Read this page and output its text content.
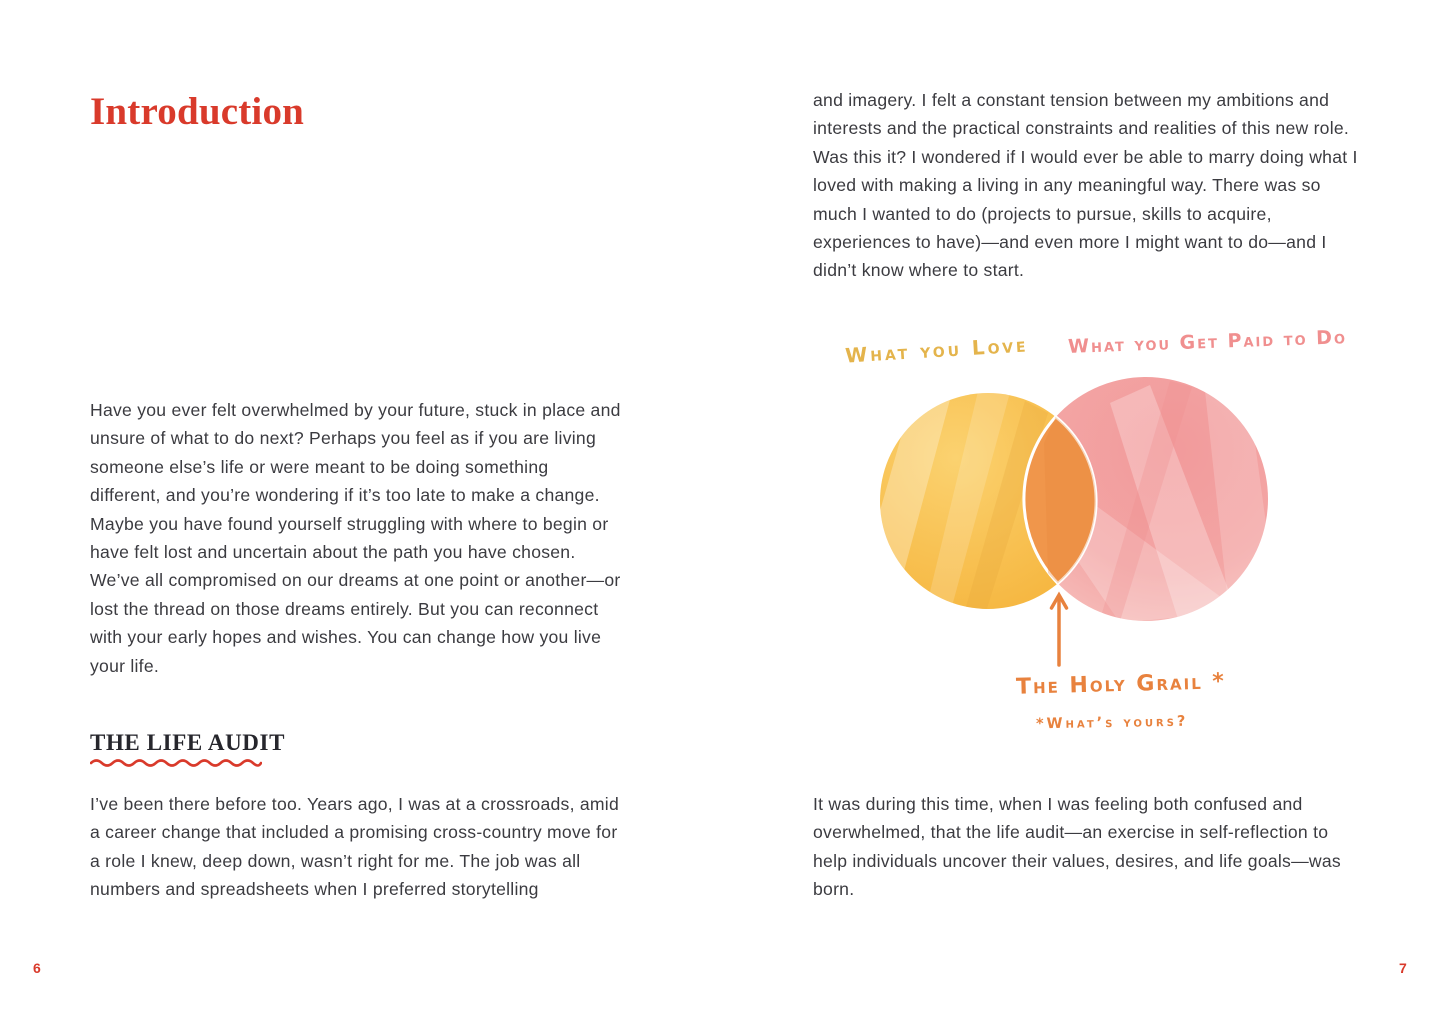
Introduction

Have you ever felt overwhelmed by your future, stuck in place and unsure of what to do next? Perhaps you feel as if you are living someone else’s life or were meant to be doing something different, and you’re wondering if it’s too late to make a change. Maybe you have found yourself struggling with where to begin or have felt lost and uncertain about the path you have chosen. We’ve all compromised on our dreams at one point or another—or lost the thread on those dreams entirely. But you can reconnect with your early hopes and wishes. You can change how you live your life.

THE LIFE AUDIT

I’ve been there before too. Years ago, I was at a crossroads, amid a career change that included a promising cross-country move for a role I knew, deep down, wasn’t right for me. The job was all numbers and spreadsheets when I preferred storytelling

6

and imagery. I felt a constant tension between my ambitions and interests and the practical constraints and realities of this new role. Was this it? I wondered if I would ever be able to marry doing what I loved with making a living in any meaningful way. There was so much I wanted to do (projects to pursue, skills to acquire, experiences to have)—and even more I might want to do—and I didn’t know where to start.

What you Love What you Get Paid to Do

The Holy Grail *

*What’s yours?

It was during this time, when I was feeling both confused and overwhelmed, that the life audit—an exercise in self-reflection to help individuals uncover their values, desires, and life goals—was born.

7
